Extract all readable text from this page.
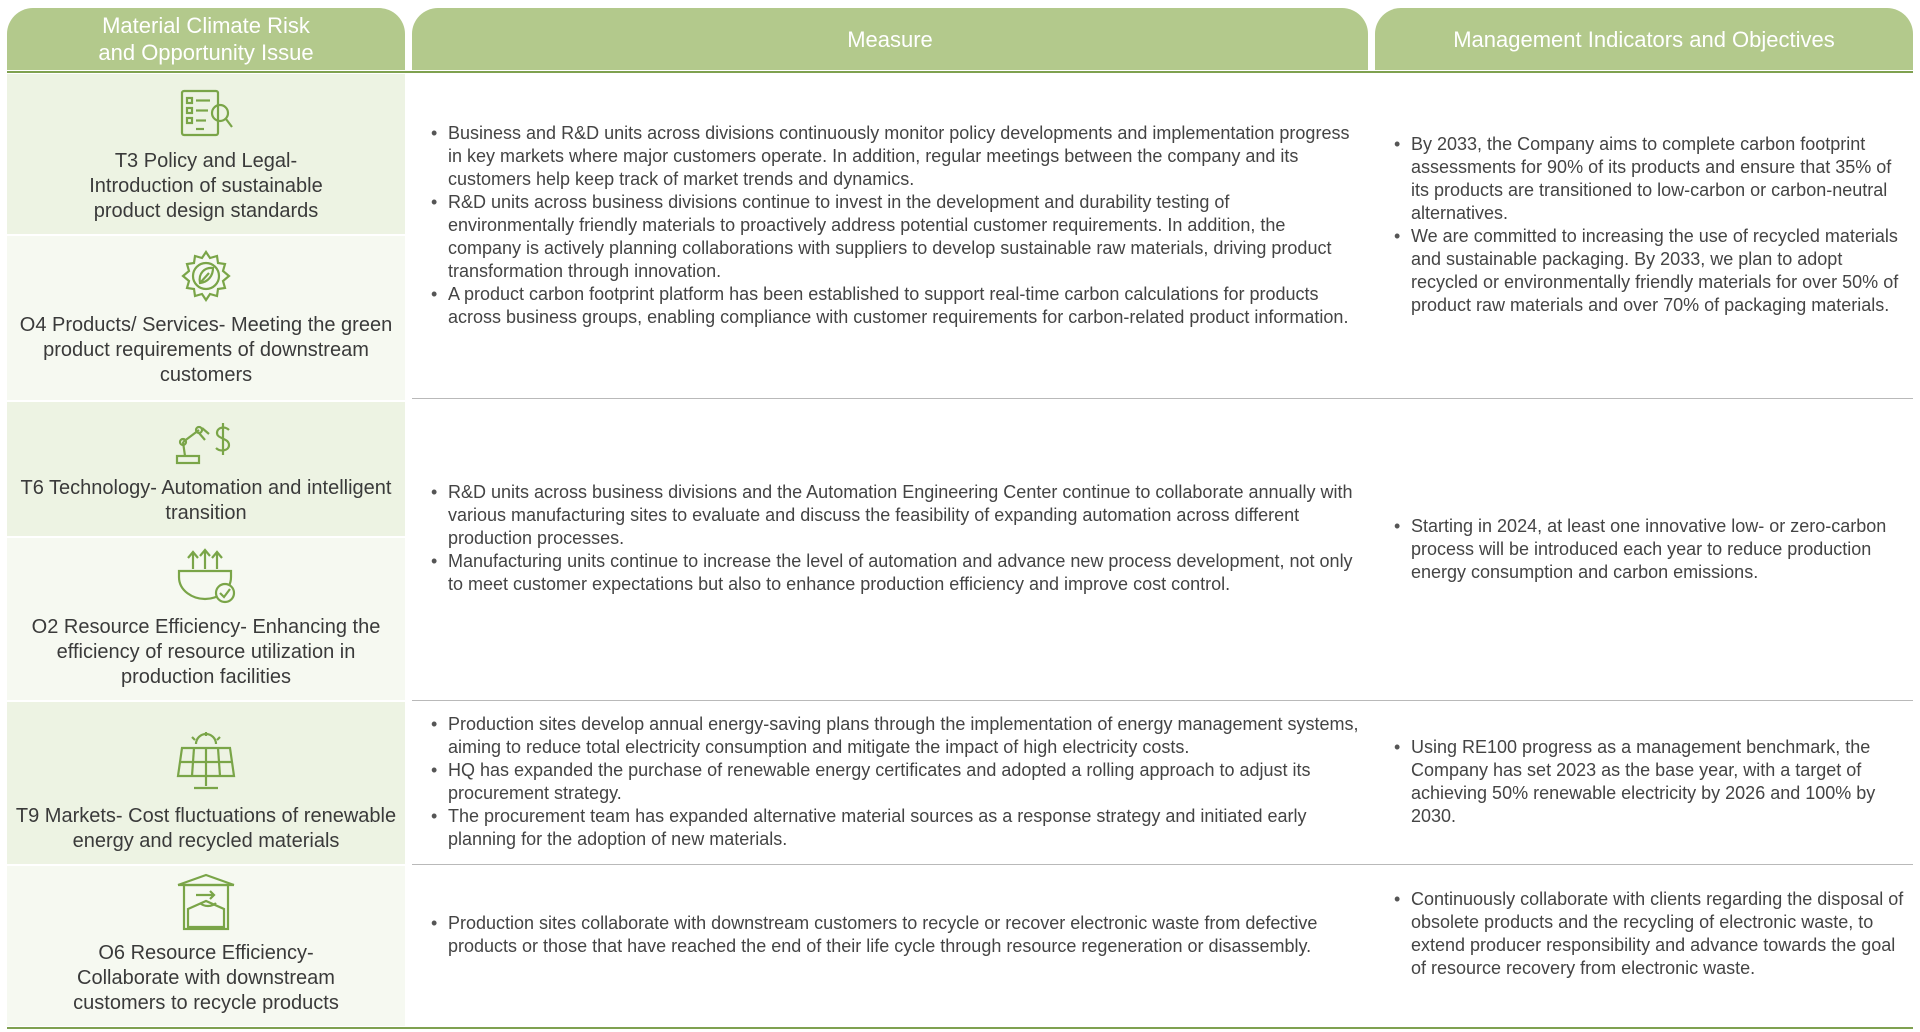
Material Climate Risk and Opportunity Issue
Measure	Management Indicators and Objectives
T3 Policy and Legal- Introduction of sustainable product design standards
O4 Products/ Services- Meeting the green product requirements of downstream customers
T6 Technology- Automation and intelligent transition
O2 Resource Efficiency- Enhancing the efficiency of resource utilization in production facilities
T9 Markets- Cost fluctuations of renewable energy and recycled materials
O6 Resource Efficiency- Collaborate with downstream customers to recycle products
• Business and R&D units across divisions continuously monitor policy developments and implementation progress in key markets where major customers operate. In addition, regular meetings between the company and its customers help keep track of market trends and dynamics.
• R&D units across business divisions continue to invest in the development and durability testing of environmentally friendly materials to proactively address potential customer requirements. In addition, the company is actively planning collaborations with suppliers to develop sustainable raw materials, driving product transformation through innovation.
• A product carbon footprint platform has been established to support real-time carbon calculations for products across business groups, enabling compliance with customer requirements for carbon-related product information.
• By 2033, the Company aims to complete carbon footprint assessments for 90% of its products and ensure that 35% of its products are transitioned to low-carbon or carbon-neutral alternatives.
• We are committed to increasing the use of recycled materials and sustainable packaging. By 2033, we plan to adopt recycled or environmentally friendly materials for over 50% of product raw materials and over 70% of packaging materials.
• R&D units across business divisions and the Automation Engineering Center continue to collaborate annually with various manufacturing sites to evaluate and discuss the feasibility of expanding automation across different production processes.
• Manufacturing units continue to increase the level of automation and advance new process development, not only to meet customer expectations but also to enhance production efficiency and improve cost control.
• Starting in 2024, at least one innovative low- or zero-carbon process will be introduced each year to reduce production energy consumption and carbon emissions.
• Production sites develop annual energy-saving plans through the implementation of energy management systems, aiming to reduce total electricity consumption and mitigate the impact of high electricity costs.
• HQ has expanded the purchase of renewable energy certificates and adopted a rolling approach to adjust its procurement strategy.
• The procurement team has expanded alternative material sources as a response strategy and initiated early planning for the adoption of new materials.
• Using RE100 progress as a management benchmark, the Company has set 2023 as the base year, with a target of achieving 50% renewable electricity by 2026 and 100% by 2030.
• Production sites collaborate with downstream customers to recycle or recover electronic waste from defective products or those that have reached the end of their life cycle through resource regeneration or disassembly.
• Continuously collaborate with clients regarding the disposal of obsolete products and the recycling of electronic waste, to extend producer responsibility and advance towards the goal of resource recovery from electronic waste.
